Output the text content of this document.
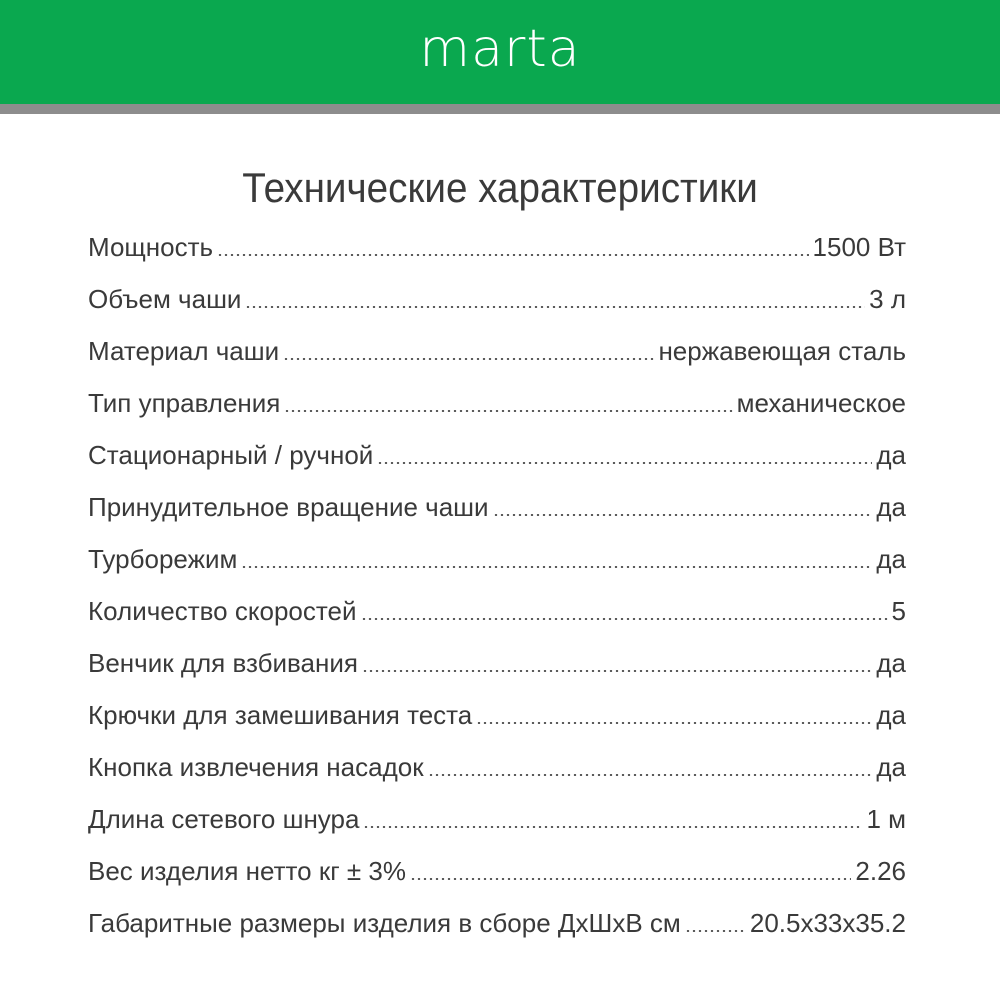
marta
Технические характеристики
Мощность	1500 Вт
Объем чаши	3 л
Материал чаши	нержавеющая сталь
Тип управления	механическое
Стационарный / ручной	да
Принудительное вращение чаши	да
Турборежим	да
Количество скоростей	5
Венчик для взбивания	да
Крючки для замешивания теста	да
Кнопка извлечения насадок	да
Длина сетевого шнура	1 м
Вес изделия нетто кг ± 3%	2.26
Габаритные размеры изделия в сборе ДхШхВ см	20.5х33х35.2
